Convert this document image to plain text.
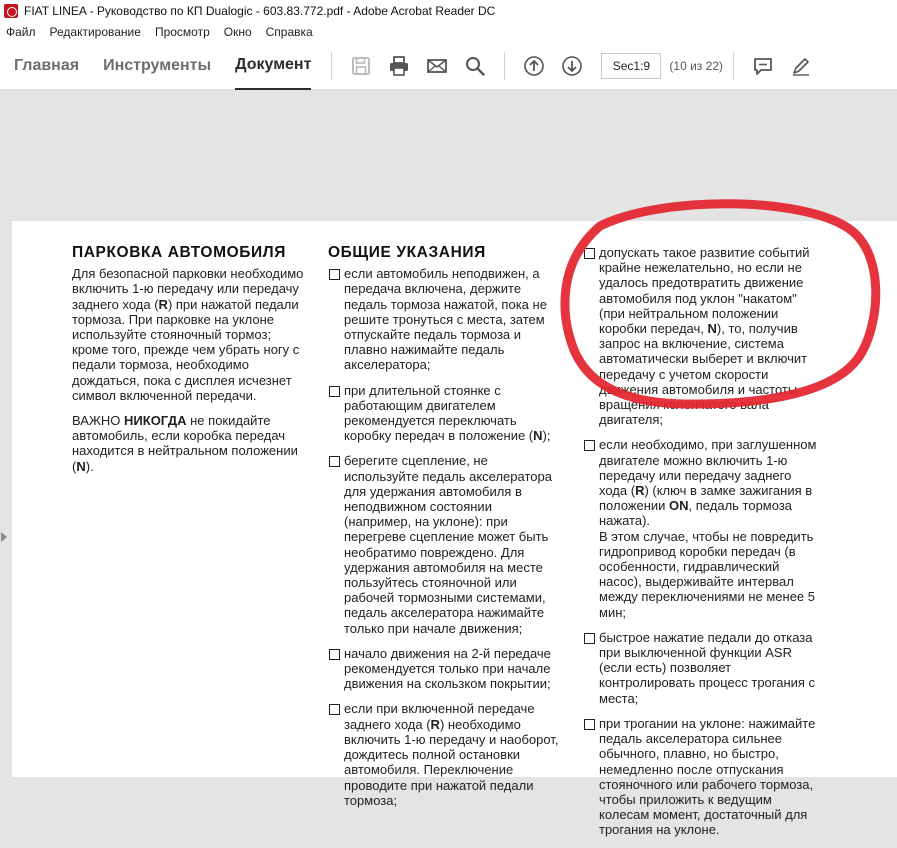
FIAT LINEA - Руководство по КП Dualogic - 603.83.772.pdf - Adobe Acrobat Reader DC
Файл Редактирование Просмотр Окно Справка
Главная Инструменты Документ	Sec1:9	(10 из 22)
ПАРКОВКА АВТОМОБИЛЯ

Для безопасной парковки необходимо включить 1-ю передачу или передачу заднего хода (R) при нажатой педали тормоза. При парковке на уклоне используйте стояночный тормоз; кроме того, прежде чем убрать ногу с педали тормоза, необходимо дождаться, пока с дисплея исчезнет символ включенной передачи.

ВАЖНО НИКОГДА не покидайте автомобиль, если коробка передач находится в нейтральном положении (N).

ОБЩИЕ УКАЗАНИЯ
если автомобиль неподвижен, а передача включена, держите педаль тормоза нажатой, пока не решите тронуться с места, затем отпускайте педаль тормоза и плавно нажимайте педаль акселератора;
при длительной стоянке с работающим двигателем рекомендуется переключать коробку передач в положение (N);
берегите сцепление, не используйте педаль акселератора для удержания автомобиля в неподвижном состоянии (например, на уклоне): при перегреве сцепление может быть необратимо повреждено. Для удержания автомобиля на месте пользуйтесь стояночной или рабочей тормозными системами, педаль акселератора нажимайте только при начале движения;
начало движения на 2-й передаче рекомендуется только при начале движения на скользком покрытии;
если при включенной передаче заднего хода (R) необходимо включить 1-ю передачу и наоборот, дождитесь полной остановки автомобиля. Переключение проводите при нажатой педали тормоза;
допускать такое развитие событий крайне нежелательно, но если не удалось предотвратить движение автомобиля под уклон "накатом" (при нейтральном положении коробки передач, N), то, получив запрос на включение, система автоматически выберет и включит передачу с учетом скорости движения автомобиля и частоты вращения коленчатого вала двигателя;
если необходимо, при заглушенном двигателе можно включить 1-ю передачу или передачу заднего хода (R) (ключ в замке зажигания в положении ON, педаль тормоза нажата).
В этом случае, чтобы не повредить гидропривод коробки передач (в особенности, гидравлический насос), выдерживайте интервал между переключениями не менее 5 мин;
быстрое нажатие педали до отказа при выключенной функции ASR (если есть) позволяет контролировать процесс трогания с места;
при трогании на уклоне: нажимайте педаль акселератора сильнее обычного, плавно, но быстро, немедленно после отпускания стояночного или рабочего тормоза, чтобы приложить к ведущим колесам момент, достаточный для трогания на уклоне.
